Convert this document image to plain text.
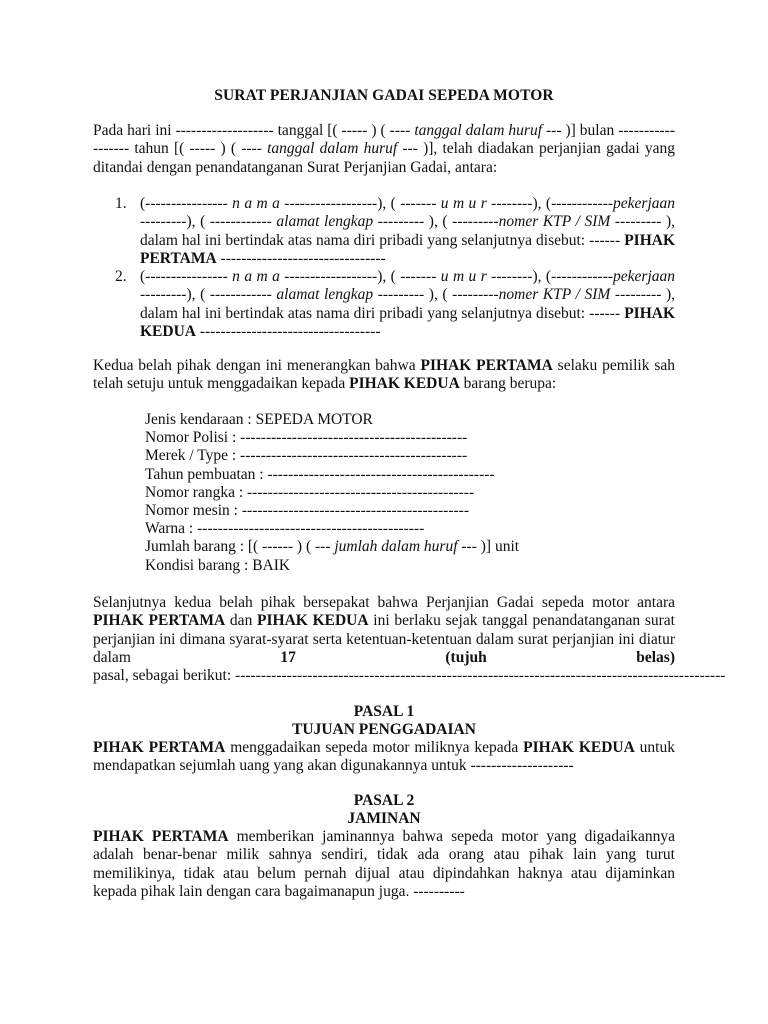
SURAT PERJANJIAN GADAI SEPEDA MOTOR
Pada hari ini ------------------- tanggal [( ----- ) ( ---- tanggal dalam huruf --- )] bulan ------------------ tahun [( ----- ) ( ---- tanggal dalam huruf --- )], telah diadakan perjanjian gadai yang ditandai dengan penandatanganan Surat Perjanjian Gadai, antara:
1. (---------------- n a m a ------------------), ( ------- u m u r --------), (------------pekerjaan ---------), ( ------------ alamat lengkap --------- ), ( ---------nomer KTP / SIM --------- ), dalam hal ini bertindak atas nama diri pribadi yang selanjutnya disebut: ------ PIHAK PERTAMA --------------------------------
2. (---------------- n a m a ------------------), ( ------- u m u r --------), (------------pekerjaan ---------), ( ------------ alamat lengkap --------- ), ( ---------nomer KTP / SIM --------- ), dalam hal ini bertindak atas nama diri pribadi yang selanjutnya disebut: ------ PIHAK KEDUA -----------------------------------
Kedua belah pihak dengan ini menerangkan bahwa PIHAK PERTAMA selaku pemilik sah telah setuju untuk menggadaikan kepada PIHAK KEDUA barang berupa:
Jenis kendaraan : SEPEDA MOTOR
Nomor Polisi : --------------------------------------------
Merek / Type : --------------------------------------------
Tahun pembuatan : --------------------------------------------
Nomor rangka : --------------------------------------------
Nomor mesin : --------------------------------------------
Warna : --------------------------------------------
Jumlah barang : [( ------ ) ( --- jumlah dalam huruf --- )] unit
Kondisi barang : BAIK
Selanjutnya kedua belah pihak bersepakat bahwa Perjanjian Gadai sepeda motor antara PIHAK PERTAMA dan PIHAK KEDUA ini berlaku sejak tanggal penandatanganan surat perjanjian ini dimana syarat-syarat serta ketentuan-ketentuan dalam surat perjanjian ini diatur dalam 17 (tujuh belas) pasal, sebagai berikut: -----------------------------------------------------------------------------------------------
PASAL 1
TUJUAN PENGGADAIAN
PIHAK PERTAMA menggadaikan sepeda motor miliknya kepada PIHAK KEDUA untuk mendapatkan sejumlah uang yang akan digunakannya untuk --------------------
PASAL 2
JAMINAN
PIHAK PERTAMA memberikan jaminannya bahwa sepeda motor yang digadaikannya adalah benar-benar milik sahnya sendiri, tidak ada orang atau pihak lain yang turut memilikinya, tidak atau belum pernah dijual atau dipindahkan haknya atau dijaminkan kepada pihak lain dengan cara bagaimanapun juga. ----------
